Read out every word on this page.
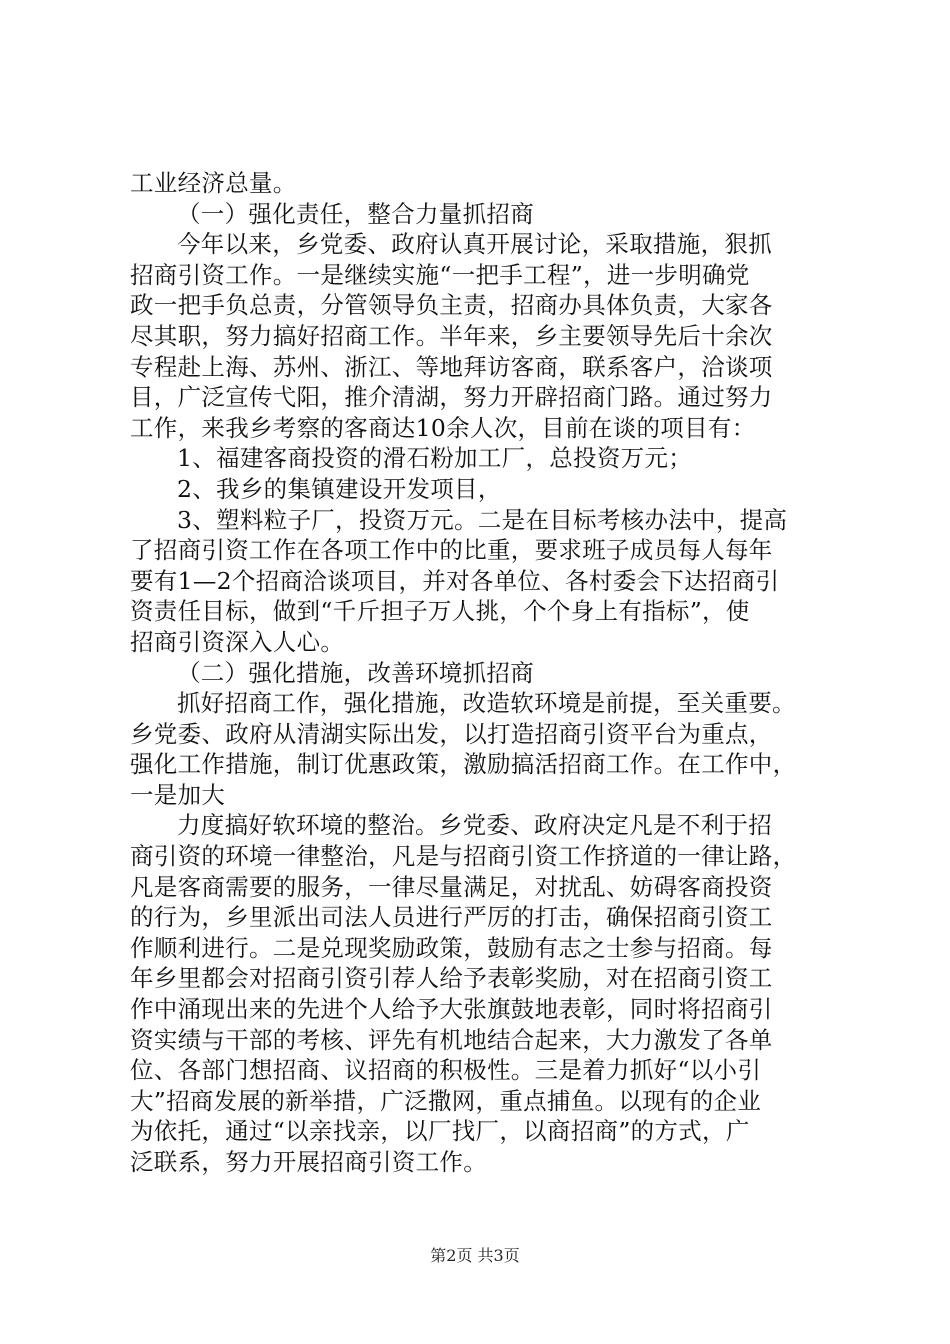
工业经济总量。
（一）强化责任，整合力量抓招商
今年以来，乡党委、政府认真开展讨论，采取措施，狠抓
招商引资工作。一是继续实施“一把手工程”，进一步明确党
政一把手负总责，分管领导负主责，招商办具体负责，大家各
尽其职，努力搞好招商工作。半年来，乡主要领导先后十余次
专程赴上海、苏州、浙江、等地拜访客商，联系客户，洽谈项
目，广泛宣传弋阳，推介清湖，努力开辟招商门路。通过努力
工作，来我乡考察的客商达10余人次，目前在谈的项目有：
1、福建客商投资的滑石粉加工厂，总投资万元；
2、我乡的集镇建设开发项目，
3、塑料粒子厂，投资万元。二是在目标考核办法中，提高
了招商引资工作在各项工作中的比重，要求班子成员每人每年
要有1—2个招商洽谈项目，并对各单位、各村委会下达招商引
资责任目标，做到“千斤担子万人挑，个个身上有指标”，使
招商引资深入人心。
（二）强化措施，改善环境抓招商
抓好招商工作，强化措施，改造软环境是前提，至关重要。
乡党委、政府从清湖实际出发，以打造招商引资平台为重点，
强化工作措施，制订优惠政策，激励搞活招商工作。在工作中，
一是加大
力度搞好软环境的整治。乡党委、政府决定凡是不利于招
商引资的环境一律整治，凡是与招商引资工作挤道的一律让路，
凡是客商需要的服务，一律尽量满足，对扰乱、妨碍客商投资
的行为，乡里派出司法人员进行严厉的打击，确保招商引资工
作顺利进行。二是兑现奖励政策，鼓励有志之士参与招商。每
年乡里都会对招商引资引荐人给予表彰奖励，对在招商引资工
作中涌现出来的先进个人给予大张旗鼓地表彰，同时将招商引
资实绩与干部的考核、评先有机地结合起来，大力激发了各单
位、各部门想招商、议招商的积极性。三是着力抓好“以小引
大”招商发展的新举措，广泛撒网，重点捕鱼。以现有的企业
为依托，通过“以亲找亲，以厂找厂，以商招商”的方式，广
泛联系，努力开展招商引资工作。
第2页 共3页
